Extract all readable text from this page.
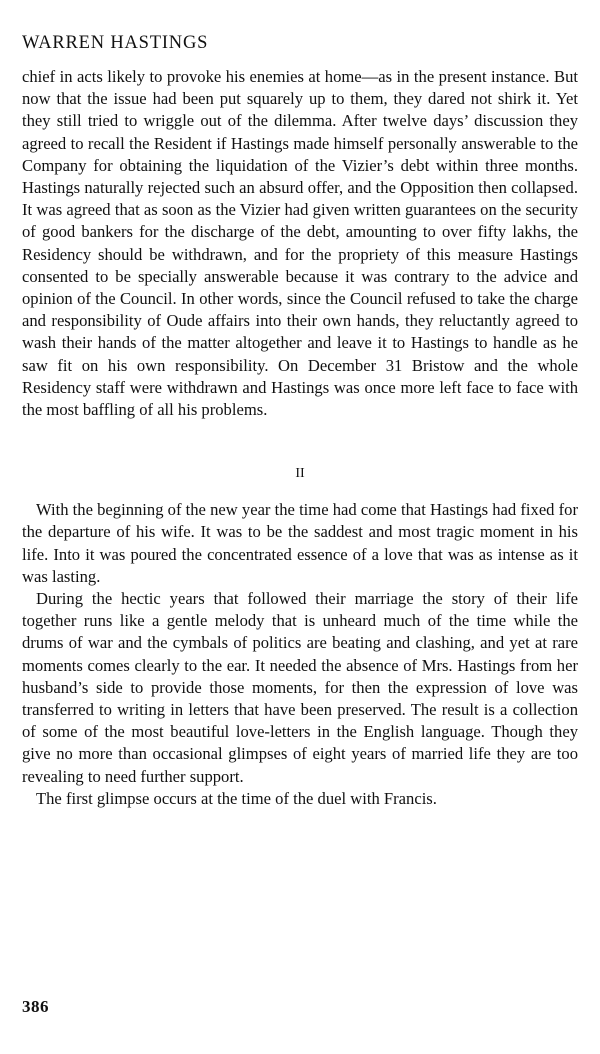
WARREN HASTINGS

chief in acts likely to provoke his enemies at home—as in the present instance. But now that the issue had been put squarely up to them, they dared not shirk it. Yet they still tried to wriggle out of the dilemma. After twelve days’ discussion they agreed to recall the Resident if Hastings made himself personally answerable to the Company for obtaining the liquidation of the Vizier’s debt within three months. Hastings naturally rejected such an absurd offer, and the Opposition then collapsed. It was agreed that as soon as the Vizier had given written guarantees on the security of good bankers for the discharge of the debt, amounting to over fifty lakhs, the Residency should be withdrawn, and for the propriety of this measure Hastings consented to be specially answerable because it was contrary to the advice and opinion of the Council. In other words, since the Council refused to take the charge and responsibility of Oude affairs into their own hands, they reluctantly agreed to wash their hands of the matter altogether and leave it to Hastings to handle as he saw fit on his own responsibility. On December 31 Bristow and the whole Residency staff were withdrawn and Hastings was once more left face to face with the most baffling of all his problems.

II

With the beginning of the new year the time had come that Hastings had fixed for the departure of his wife. It was to be the saddest and most tragic moment in his life. Into it was poured the concentrated essence of a love that was as intense as it was lasting.

During the hectic years that followed their marriage the story of their life together runs like a gentle melody that is unheard much of the time while the drums of war and the cymbals of politics are beating and clashing, and yet at rare moments comes clearly to the ear. It needed the absence of Mrs. Hastings from her husband’s side to provide those moments, for then the expression of love was transferred to writing in letters that have been preserved. The result is a collection of some of the most beautiful love-letters in the English language. Though they give no more than occasional glimpses of eight years of married life they are too revealing to need further support.

The first glimpse occurs at the time of the duel with Francis.

386
